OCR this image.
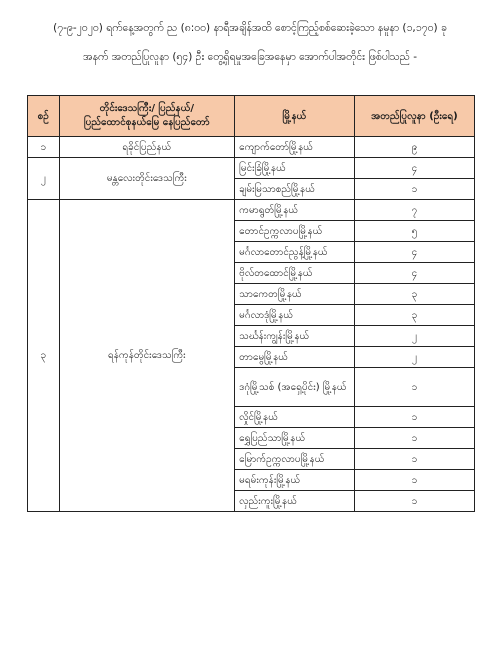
(၇-၉-၂၀၂၀) ရက်နေ့အတွက် ည (၈:၀၀) နာရီအချိန်အထိ စောင့်ကြည့်စစ်ဆေးခဲ့သော နမူနာ (၁,၁၇၀) ခု
အနက် အတည်ပြုလူနာ (၅၄) ဦး တွေ့ရှိရမှုအခြေအနေမှာ အောက်ပါအတိုင်း ဖြစ်ပါသည် -
စဉ်	တိုင်းဒေသကြီး/ ပြည်နယ်/
ပြည်ထောင်စုနယ်မြေ နေပြည်တော်	မြို့နယ်	အတည်ပြုလူနာ (ဦးရေ)
၁	ရခိုင်ပြည်နယ်	ကျောက်တော်မြို့နယ်	၉
၂	မန္တလေးတိုင်းဒေသကြီး	မြင်းခြံမြို့နယ်	၄
		ချမ်းမြသာစည်မြို့နယ်	၁
၃	ရန်ကုန်တိုင်းဒေသကြီး	ကမာရွတ်မြို့နယ်	၇
		တောင်ဥက္ကလာပမြို့နယ်	၅
		မင်္ဂလာတောင်ညွန့်မြို့နယ်	၄
		ဗိုလ်တထောင်မြို့နယ်	၄
		သာကေတမြို့နယ်	၃
		မင်္ဂလာဒုံမြို့နယ်	၃
		သင်္ဃန်းကျွန်းမြို့နယ်	၂
		တာမွေမြို့နယ်	၂
		ဒဂုံမြို့သစ် (အရှေ့ပိုင်း) မြို့နယ်	၁
		လှိုင်မြို့နယ်	၁
		ရွှေပြည်သာမြို့နယ်	၁
		မြောက်ဥက္ကလာပမြို့နယ်	၁
		မရမ်းကုန်းမြို့နယ်	၁
		လှည်းကူးမြို့နယ်	၁
